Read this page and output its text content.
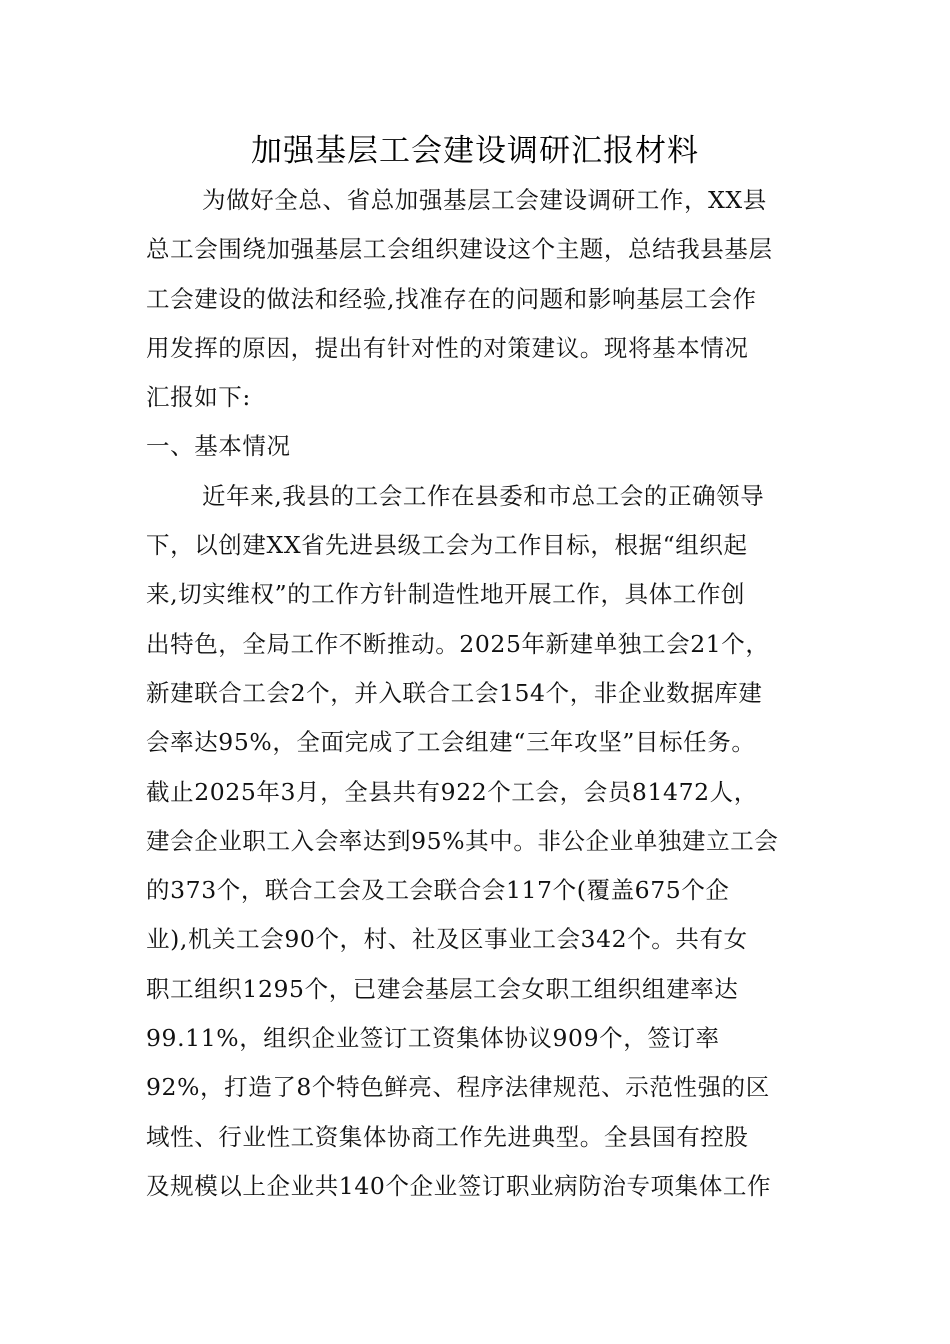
加强基层工会建设调研汇报材料
为做好全总、省总加强基层工会建设调研工作，XX县
总工会围绕加强基层工会组织建设这个主题，总结我县基层
工会建设的做法和经验,找准存在的问题和影响基层工会作
用发挥的原因，提出有针对性的对策建议。现将基本情况
汇报如下:
一、基本情况
近年来,我县的工会工作在县委和市总工会的正确领导
下，以创建XX省先进县级工会为工作目标，根据“组织起
来,切实维权”的工作方针制造性地开展工作，具体工作创
出特色，全局工作不断推动。2025年新建单独工会21个，
新建联合工会2个，并入联合工会154个，非企业数据库建
会率达95%，全面完成了工会组建“三年攻坚”目标任务。
截止2025年3月，全县共有922个工会，会员81472人，
建会企业职工入会率达到95%其中。非公企业单独建立工会
的373个，联合工会及工会联合会117个(覆盖675个企
业),机关工会90个，村、社及区事业工会342个。共有女
职工组织1295个，已建会基层工会女职工组织组建率达
99.11%，组织企业签订工资集体协议909个，签订率
92%，打造了8个特色鲜亮、程序法律规范、示范性强的区
域性、行业性工资集体协商工作先进典型。全县国有控股
及规模以上企业共140个企业签订职业病防治专项集体工作
